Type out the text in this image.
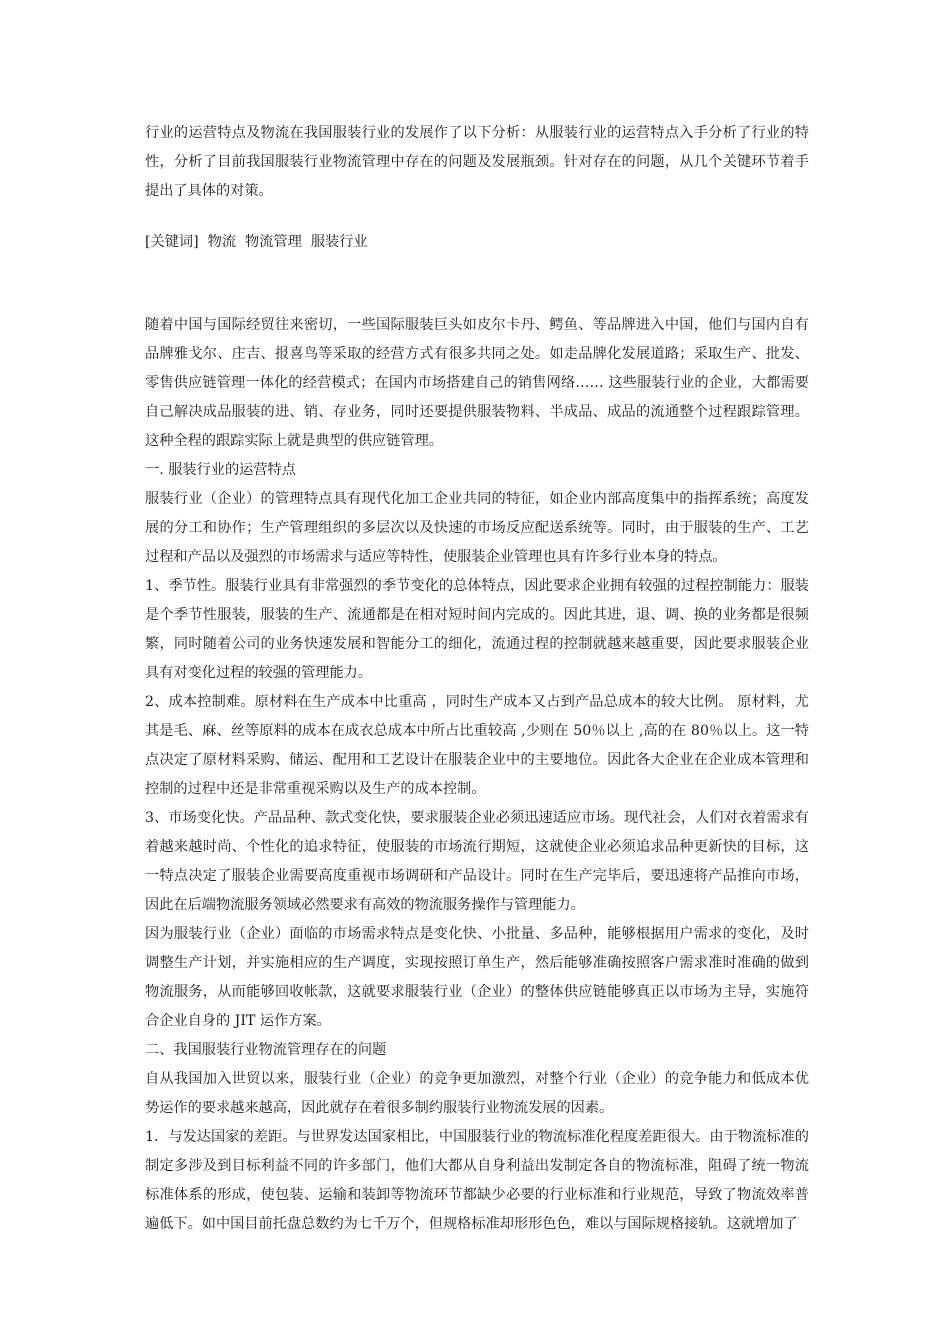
行业的运营特点及物流在我国服装行业的发展作了以下分析：从服装行业的运营特点入手分析了行业的特性，分析了目前我国服装行业物流管理中存在的问题及发展瓶颈。针对存在的问题，从几个关键环节着手提出了具体的对策。

[关键词]  物流  物流管理  服装行业

随着中国与国际经贸往来密切，一些国际服装巨头如皮尔卡丹、鳄鱼、等品牌进入中国，他们与国内自有品牌雅戈尔、庄吉、报喜鸟等采取的经营方式有很多共同之处。如走品牌化发展道路；采取生产、批发、零售供应链管理一体化的经营模式；在国内市场搭建自己的销售网络…… 这些服装行业的企业，大都需要自己解决成品服装的进、销、存业务，同时还要提供服装物料、半成品、成品的流通整个过程跟踪管理。这种全程的跟踪实际上就是典型的供应链管理。

一. 服装行业的运营特点

服装行业（企业）的管理特点具有现代化加工企业共同的特征，如企业内部高度集中的指挥系统；高度发展的分工和协作；生产管理组织的多层次以及快速的市场反应配送系统等。同时，由于服装的生产、工艺过程和产品以及强烈的市场需求与适应等特性，使服装企业管理也具有许多行业本身的特点。

1、季节性。服装行业具有非常强烈的季节变化的总体特点，因此要求企业拥有较强的过程控制能力：服装是个季节性服装，服装的生产、流通都是在相对短时间内完成的。因此其进，退、调、换的业务都是很频繁，同时随着公司的业务快速发展和智能分工的细化，流通过程的控制就越来越重要，因此要求服装企业具有对变化过程的较强的管理能力。

2、成本控制难。原材料在生产成本中比重高 ，同时生产成本又占到产品总成本的较大比例。 原材料，尤其是毛、麻、丝等原料的成本在成衣总成本中所占比重较高 ,少则在 50％以上 ,高的在 80％以上。这一特点决定了原材料采购、储运、配用和工艺设计在服装企业中的主要地位。因此各大企业在企业成本管理和控制的过程中还是非常重视采购以及生产的成本控制。

3、市场变化快。产品品种、款式变化快，要求服装企业必须迅速适应市场。现代社会，人们对衣着需求有着越来越时尚、个性化的追求特征，使服装的市场流行期短，这就使企业必须追求品种更新快的目标，这一特点决定了服装企业需要高度重视市场调研和产品设计。同时在生产完毕后，要迅速将产品推向市场，因此在后端物流服务领域必然要求有高效的物流服务操作与管理能力。

因为服装行业（企业）面临的市场需求特点是变化快、小批量、多品种，能够根据用户需求的变化，及时调整生产计划，并实施相应的生产调度，实现按照订单生产，然后能够准确按照客户需求准时准确的做到物流服务，从而能够回收帐款，这就要求服装行业（企业）的整体供应链能够真正以市场为主导，实施符合企业自身的 JIT 运作方案。

二、我国服装行业物流管理存在的问题

自从我国加入世贸以来，服装行业（企业）的竞争更加激烈，对整个行业（企业）的竞争能力和低成本优势运作的要求越来越高，因此就存在着很多制约服装行业物流发展的因素。

1．与发达国家的差距。与世界发达国家相比，中国服装行业的物流标准化程度差距很大。由于物流标准的制定多涉及到目标利益不同的许多部门，他们大都从自身利益出发制定各自的物流标准，阻碍了统一物流标准体系的形成，使包装、运输和装卸等物流环节都缺少必要的行业标准和行业规范，导致了物流效率普遍低下。如中国目前托盘总数约为七千万个，但规格标准却形形色色，难以与国际规格接轨。这就增加了
